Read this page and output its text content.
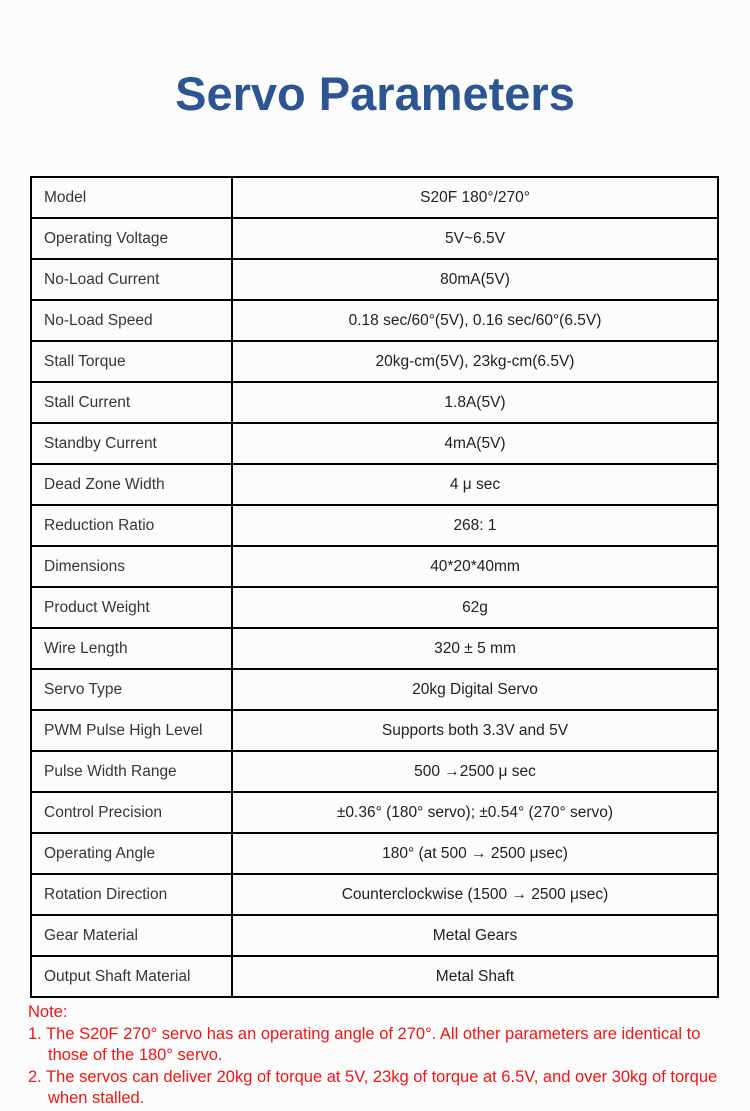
Servo Parameters
Model	S20F 180°/270°
Operating Voltage	5V~6.5V
No-Load Current	80mA(5V)
No-Load Speed	0.18 sec/60°(5V), 0.16 sec/60°(6.5V)
Stall Torque	20kg-cm(5V), 23kg-cm(6.5V)
Stall Current	1.8A(5V)
Standby Current	4mA(5V)
Dead Zone Width	4 μ sec
Reduction Ratio	268: 1
Dimensions	40*20*40mm
Product Weight	62g
Wire Length	320 ± 5 mm
Servo Type	20kg Digital Servo
PWM Pulse High Level	Supports both 3.3V and 5V
Pulse Width Range	500 →2500 μ sec
Control Precision	±0.36° (180° servo); ±0.54° (270° servo)
Operating Angle	180° (at 500 → 2500 μsec)
Rotation Direction	Counterclockwise (1500 → 2500 μsec)
Gear Material	Metal Gears
Output Shaft Material	Metal Shaft
Note:
1. The S20F 270° servo has an operating angle of 270°. All other parameters are identical to those of the 180° servo.
2. The servos can deliver 20kg of torque at 5V, 23kg of torque at 6.5V, and over 30kg of torque when stalled.
